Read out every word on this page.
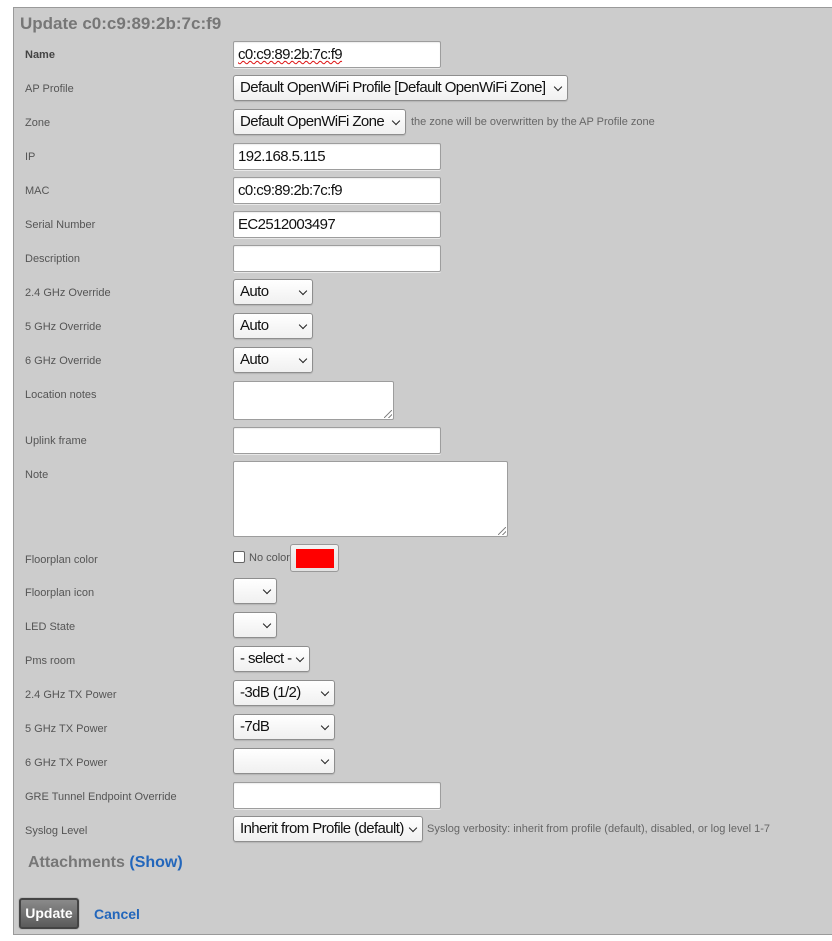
Update c0:c9:89:2b:7c:f9
Name	c0:c9:89:2b:7c:f9
AP Profile	Default OpenWiFi Profile [Default OpenWiFi Zone]
Zone	Default OpenWiFi Zone	the zone will be overwritten by the AP Profile zone
IP	192.168.5.115
MAC	c0:c9:89:2b:7c:f9
Serial Number	EC2512003497
Description
2.4 GHz Override	Auto
5 GHz Override	Auto
6 GHz Override	Auto
Location notes
Uplink frame
Note
Floorplan color	No color
Floorplan icon
LED State
Pms room	- select -
2.4 GHz TX Power	-3dB (1/2)
5 GHz TX Power	-7dB
6 GHz TX Power
GRE Tunnel Endpoint Override
Syslog Level	Inherit from Profile (default)	Syslog verbosity: inherit from profile (default), disabled, or log level 1-7
Attachments (Show)
Update	Cancel
